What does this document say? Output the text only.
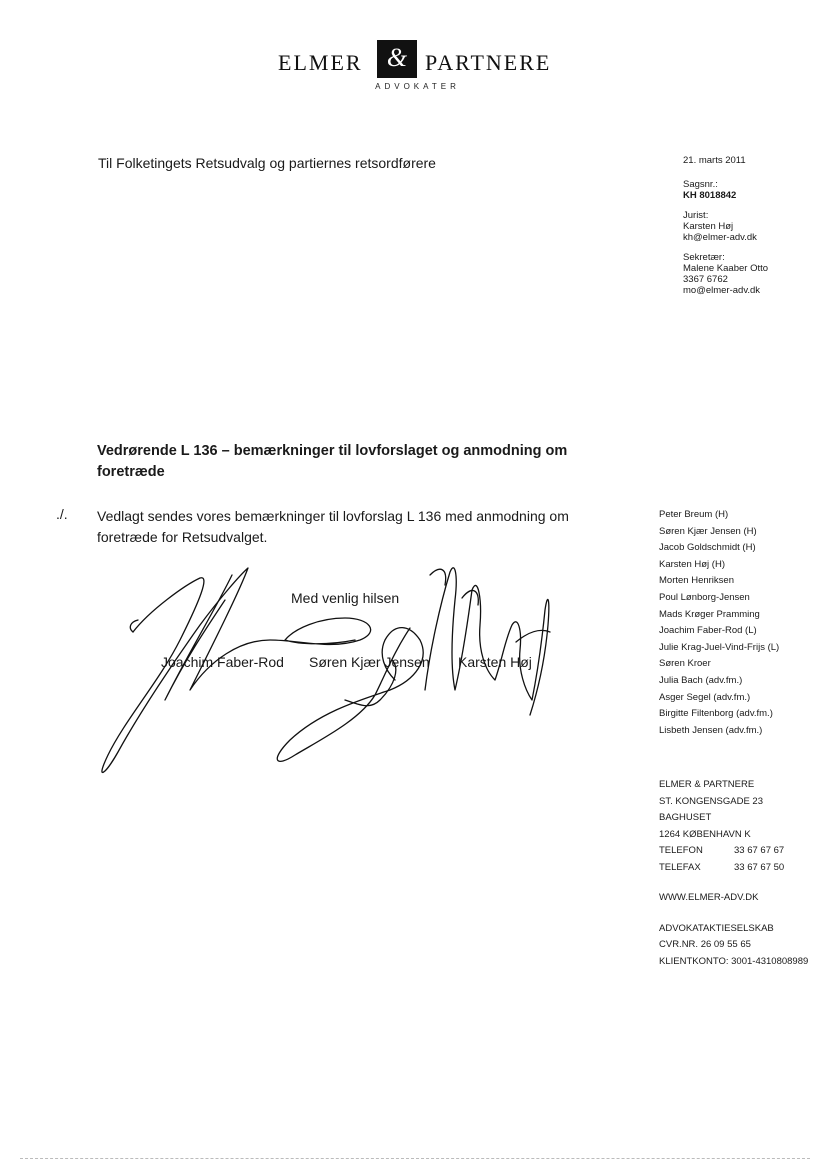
ELMER & PARTNERE
ADVOKATER
Til Folketingets Retsudvalg og partiernes retsordførere	21. marts 2011
Sagsnr.:
KH 8018842
Jurist:
Karsten Høj
kh@elmer-adv.dk
Sekretær:
Malene Kaaber Otto
3367 6762
mo@elmer-adv.dk
Vedrørende L 136 – bemærkninger til lovforslaget og anmodning om foretræde
./. Vedlagt sendes vores bemærkninger til lovforslag L 136 med anmodning om foretræde for Retsudvalget.
Med venlig hilsen
Joachim Faber-Rod Søren Kjær Jensen Karsten Høj
Peter Breum (H)
Søren Kjær Jensen (H)
Jacob Goldschmidt (H)
Karsten Høj (H)
Morten Henriksen
Poul Lønborg-Jensen
Mads Krøger Pramming
Joachim Faber-Rod (L)
Julie Krag-Juel-Vind-Frijs (L)
Søren Kroer
Julia Bach (adv.fm.)
Asger Segel (adv.fm.)
Birgitte Filtenborg (adv.fm.)
Lisbeth Jensen (adv.fm.)
ELMER & PARTNERE
ST. KONGENSGADE 23
BAGHUSET
1264 KØBENHAVN K
TELEFON	33 67 67 67
TELEFAX	33 67 67 50
WWW.ELMER-ADV.DK
ADVOKATAKTIESELSKAB
CVR.NR. 26 09 55 65
KLIENTKONTO: 3001-4310808989
